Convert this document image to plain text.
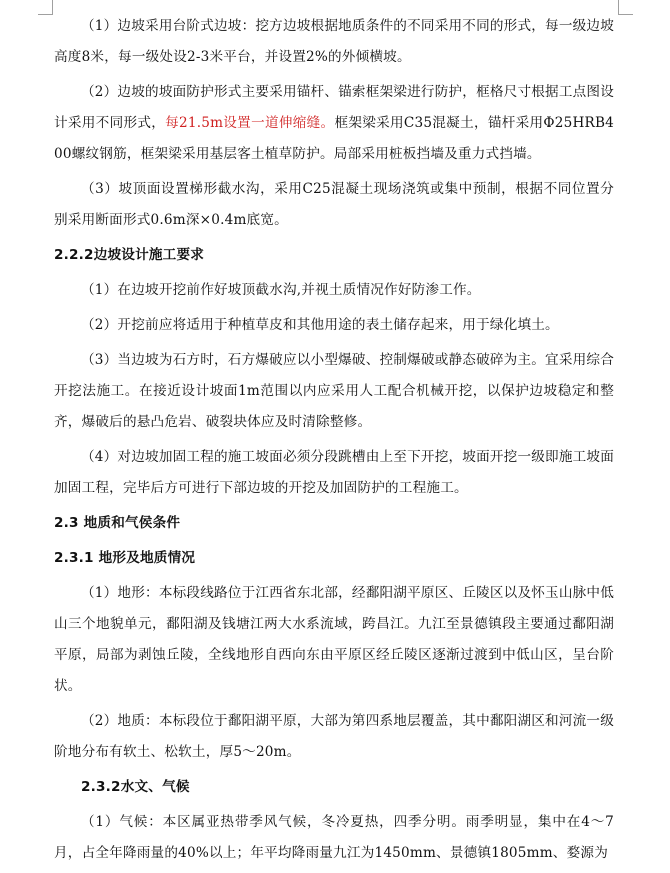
（1）边坡采用台阶式边坡：挖方边坡根据地质条件的不同采用不同的形式，每一级边坡高度8米，每一级处设2-3米平台，并设置2%的外倾横坡。

（2）边坡的坡面防护形式主要采用锚杆、锚索框架梁进行防护，框格尺寸根据工点图设计采用不同形式，每21.5m设置一道伸缩缝。框架梁采用C35混凝土，锚杆采用Φ25HRB400螺纹钢筋，框架梁采用基层客土植草防护。局部采用桩板挡墙及重力式挡墙。

（3）坡顶面设置梯形截水沟，采用C25混凝土现场浇筑或集中预制，根据不同位置分别采用断面形式0.6m深×0.4m底宽。

2.2.2边坡设计施工要求

（1）在边坡开挖前作好坡顶截水沟,并视土质情况作好防渗工作。

（2）开挖前应将适用于种植草皮和其他用途的表土储存起来，用于绿化填土。

（3）当边坡为石方时，石方爆破应以小型爆破、控制爆破或静态破碎为主。宜采用综合开挖法施工。在接近设计坡面1m范围以内应采用人工配合机械开挖，以保护边坡稳定和整齐，爆破后的悬凸危岩、破裂块体应及时清除整修。

（4）对边坡加固工程的施工坡面必须分段跳槽由上至下开挖，坡面开挖一级即施工坡面加固工程，完毕后方可进行下部边坡的开挖及加固防护的工程施工。

2.3 地质和气侯条件
2.3.1 地形及地质情况

（1）地形：本标段线路位于江西省东北部，经鄱阳湖平原区、丘陵区以及怀玉山脉中低山三个地貌单元，鄱阳湖及钱塘江两大水系流域，跨昌江。九江至景德镇段主要通过鄱阳湖平原，局部为剥蚀丘陵，全线地形自西向东由平原区经丘陵区逐渐过渡到中低山区，呈台阶状。

（2）地质：本标段位于鄱阳湖平原，大部为第四系地层覆盖，其中鄱阳湖区和河流一级阶地分布有软土、松软土，厚5～20m。

2.3.2水文、气候

（1）气候：本区属亚热带季风气候，冬冷夏热，四季分明。雨季明显，集中在4～7月，占全年降雨量的40%以上；年平均降雨量九江为1450mm、景德镇1805mm、婺源为
